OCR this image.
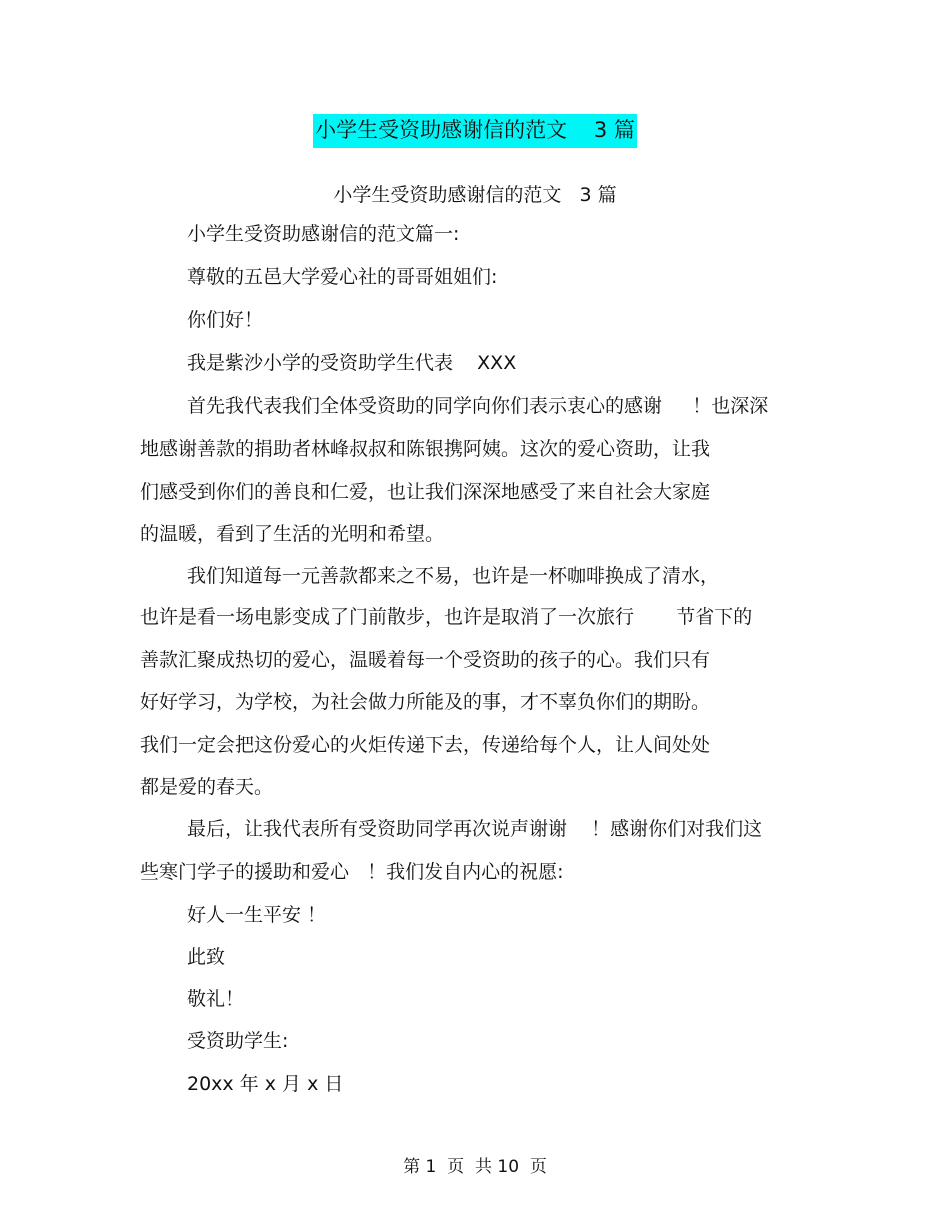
小学生受资助感谢信的范文    3 篇
小学生受资助感谢信的范文   3 篇
小学生受资助感谢信的范文篇一:
尊敬的五邑大学爱心社的哥哥姐姐们:
你们好！
我是紫沙小学的受资助学生代表    XXX
首先我代表我们全体受资助的同学向你们表示衷心的感谢     ！也深深
地感谢善款的捐助者林峰叔叔和陈银携阿姨。这次的爱心资助，让我
们感受到你们的善良和仁爱，也让我们深深地感受了来自社会大家庭
的温暖，看到了生活的光明和希望。
我们知道每一元善款都来之不易，也许是一杯咖啡换成了清水，
也许是看一场电影变成了门前散步，也许是取消了一次旅行       节省下的
善款汇聚成热切的爱心，温暖着每一个受资助的孩子的心。我们只有
好好学习，为学校，为社会做力所能及的事，才不辜负你们的期盼。
我们一定会把这份爱心的火炬传递下去，传递给每个人，让人间处处
都是爱的春天。
最后，让我代表所有受资助同学再次说声谢谢    ！感谢你们对我们这
些寒门学子的援助和爱心   ！我们发自内心的祝愿:
好人一生平安 ！
此致
敬礼！
受资助学生:
20xx 年 x 月 x 日
第 1  页  共 10  页
